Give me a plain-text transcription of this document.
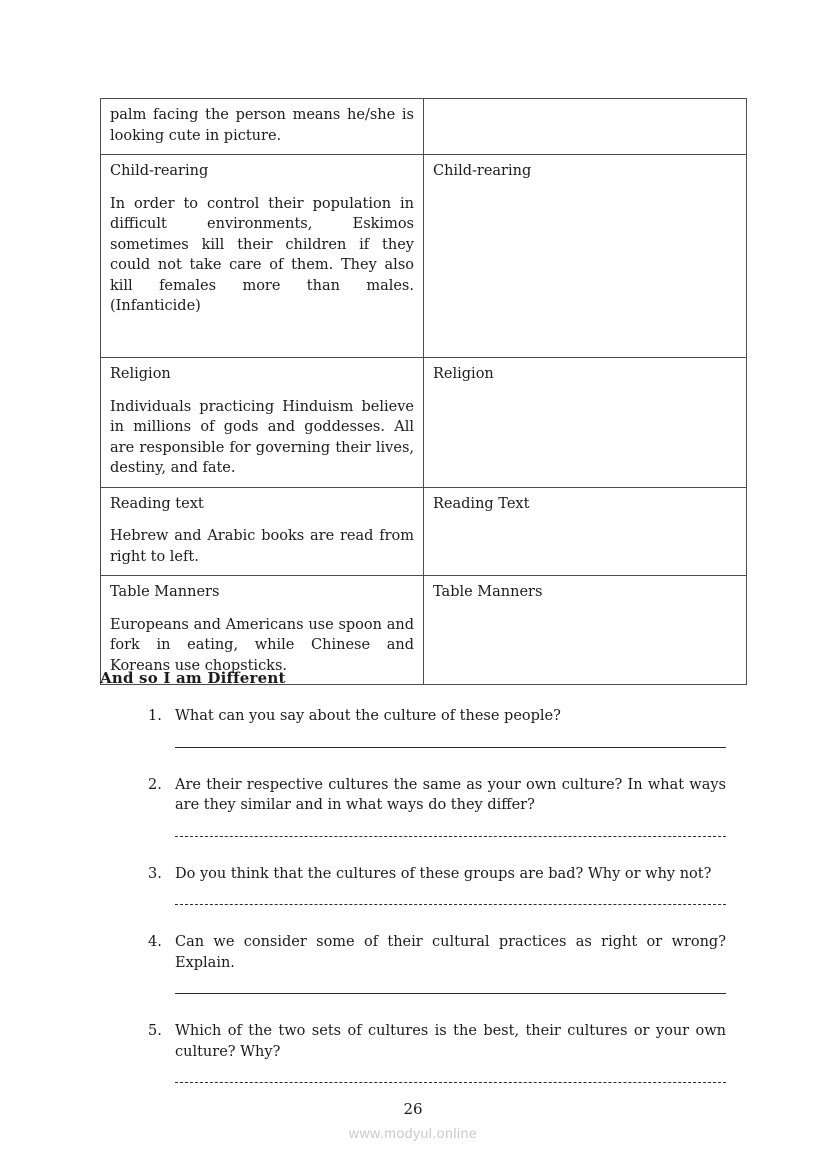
palm facing the person means he/she is looking cute in picture.	

Child-rearing

In order to control their population in difficult environments, Eskimos sometimes kill their children if they could not take care of them. They also kill females more than males. (Infanticide)	Child-rearing

Religion

Individuals practicing Hinduism believe in millions of gods and goddesses. All are responsible for governing their lives, destiny, and fate.	Religion

Reading text

Hebrew and Arabic books are read from right to left.	Reading Text

Table Manners

Europeans and Americans use spoon and fork in eating, while Chinese and Koreans use chopsticks.	Table Manners

And so I am Different
1. What can you say about the culture of these people?
2. Are their respective cultures the same as your own culture? In what ways are they similar and in what ways do they differ?
3. Do you think that the cultures of these groups are bad? Why or why not?
4. Can we consider some of their cultural practices as right or wrong? Explain.
5. Which of the two sets of cultures is the best, their cultures or your own culture? Why?
26
www.modyul.online
